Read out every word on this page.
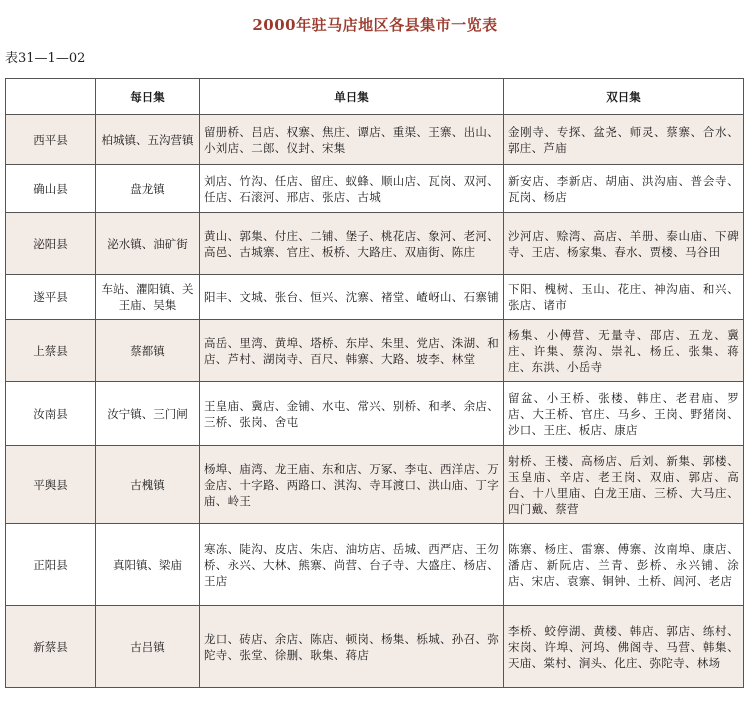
2000年驻马店地区各县集市一览表
表31—1—02
	每日集	单日集	双日集
西平县	柏城镇、五沟营镇	留册桥、吕店、权寨、焦庄、谭店、重渠、王寨、出山、小刘店、二郎、仪封、宋集	金刚寺、专探、盆尧、师灵、蔡寨、合水、郭庄、芦庙
确山县	盘龙镇	刘店、竹沟、任店、留庄、蚁蜂、顺山店、瓦岗、双河、任店、石滚河、邢店、张店、古城	新安店、李新店、胡庙、洪沟庙、普会寺、瓦岗、杨店
泌阳县	泌水镇、油矿街	黄山、郭集、付庄、二铺、堡子、桃花店、象河、老河、高邑、古城寨、官庄、板桥、大路庄、双庙街、陈庄	沙河店、赊湾、高店、羊册、泰山庙、下碑寺、王店、杨家集、春水、贾楼、马谷田
遂平县	车站、灈阳镇、关王庙、吴集	阳丰、文城、张台、恒兴、沈寨、褚堂、嵖岈山、石寨铺	下阳、槐树、玉山、花庄、神沟庙、和兴、张店、诸市
上蔡县	蔡都镇	高岳、里湾、黄埠、塔桥、东岸、朱里、党店、洙湖、和店、芦村、湖岗寺、百尺、韩寨、大路、坡李、林堂	杨集、小傅营、无量寺、邵店、五龙、冀庄、许集、蔡沟、崇礼、杨丘、张集、蒋庄、东洪、小岳寺
汝南县	汝宁镇、三门闸	王皇庙、冀店、金铺、水屯、常兴、别桥、和孝、余店、三桥、张岗、舍屯	留盆、小王桥、张楼、韩庄、老君庙、罗店、大王桥、官庄、马乡、王岗、野猪岗、沙口、王庄、板店、康店
平舆县	古槐镇	杨埠、庙湾、龙王庙、东和店、万冢、李屯、西洋店、万金店、十字路、两路口、淇沟、寺耳渡口、洪山庙、丁字庙、岭王	射桥、王楼、高杨店、后刘、新集、郭楼、玉皇庙、辛店、老王岗、双庙、郭店、高台、十八里庙、白龙王庙、三桥、大马庄、四门戴、蔡营
正阳县	真阳镇、梁庙	寒冻、陡沟、皮店、朱店、油坊店、岳城、西严店、王勿桥、永兴、大林、熊寨、尚营、台子寺、大盛庄、杨店、王店	陈寨、杨庄、雷寨、傅寨、汝南埠、康店、潘店、新阮店、兰青、彭桥、永兴铺、涂店、宋店、袁寨、铜钟、土桥、闾河、老店
新蔡县	古吕镇	龙口、砖店、余店、陈店、顿岗、杨集、栎城、孙召、弥陀寺、张堂、徐删、耿集、蒋店	李桥、蛟停湖、黄楼、韩店、郭店、练村、宋岗、许埠、河坞、佛阁寺、马营、韩集、天庙、棠村、涧头、化庄、弥陀寺、林场
